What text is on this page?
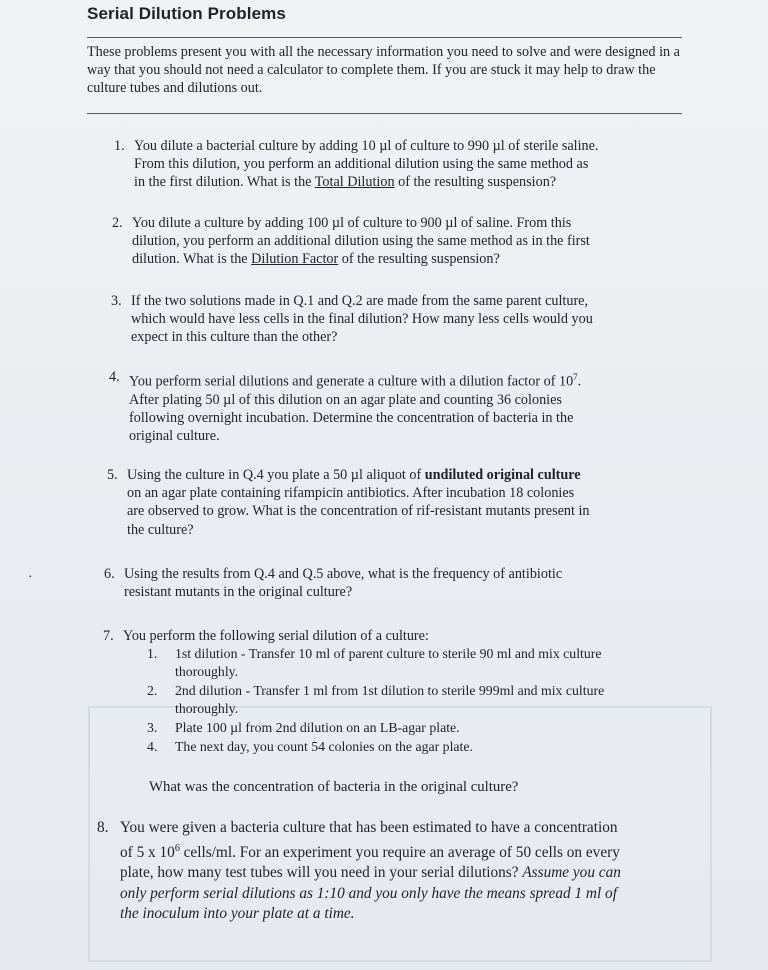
Serial Dilution Problems
These problems present you with all the necessary information you need to solve and were designed in a way that you should not need a calculator to complete them. If you are stuck it may help to draw the culture tubes and dilutions out.
1. You dilute a bacterial culture by adding 10 µl of culture to 990 µl of sterile saline.
From this dilution, you perform an additional dilution using the same method as
in the first dilution. What is the Total Dilution of the resulting suspension?
2. You dilute a culture by adding 100 µl of culture to 900 µl of saline. From this
dilution, you perform an additional dilution using the same method as in the first
dilution. What is the Dilution Factor of the resulting suspension?
3. If the two solutions made in Q.1 and Q.2 are made from the same parent culture,
which would have less cells in the final dilution? How many less cells would you
expect in this culture than the other?
4. You perform serial dilutions and generate a culture with a dilution factor of $10^7$.
After plating 50 µl of this dilution on an agar plate and counting 36 colonies
following overnight incubation. Determine the concentration of bacteria in the
original culture.
5. Using the culture in Q.4 you plate a 50 µl aliquot of undiluted original culture
on an agar plate containing rifampicin antibiotics. After incubation 18 colonies
are observed to grow. What is the concentration of rif-resistant mutants present in
the culture?
6. Using the results from Q.4 and Q.5 above, what is the frequency of antibiotic
resistant mutants in the original culture?
·
7. You perform the following serial dilution of a culture:
1. 1st dilution - Transfer 10 ml of parent culture to sterile 90 ml and mix culture
thoroughly.
2. 2nd dilution - Transfer 1 ml from 1st dilution to sterile 999ml and mix culture
thoroughly.
3. Plate 100 µl from 2nd dilution on an LB-agar plate.
4. The next day, you count 54 colonies on the agar plate.
What was the concentration of bacteria in the original culture?
8. You were given a bacteria culture that has been estimated to have a concentration
of 5 x $10^6$ cells/ml. For an experiment you require an average of 50 cells on every
plate, how many test tubes will you need in your serial dilutions? Assume you can
only perform serial dilutions as 1:10 and you only have the means spread 1 ml of
the inoculum into your plate at a time.
